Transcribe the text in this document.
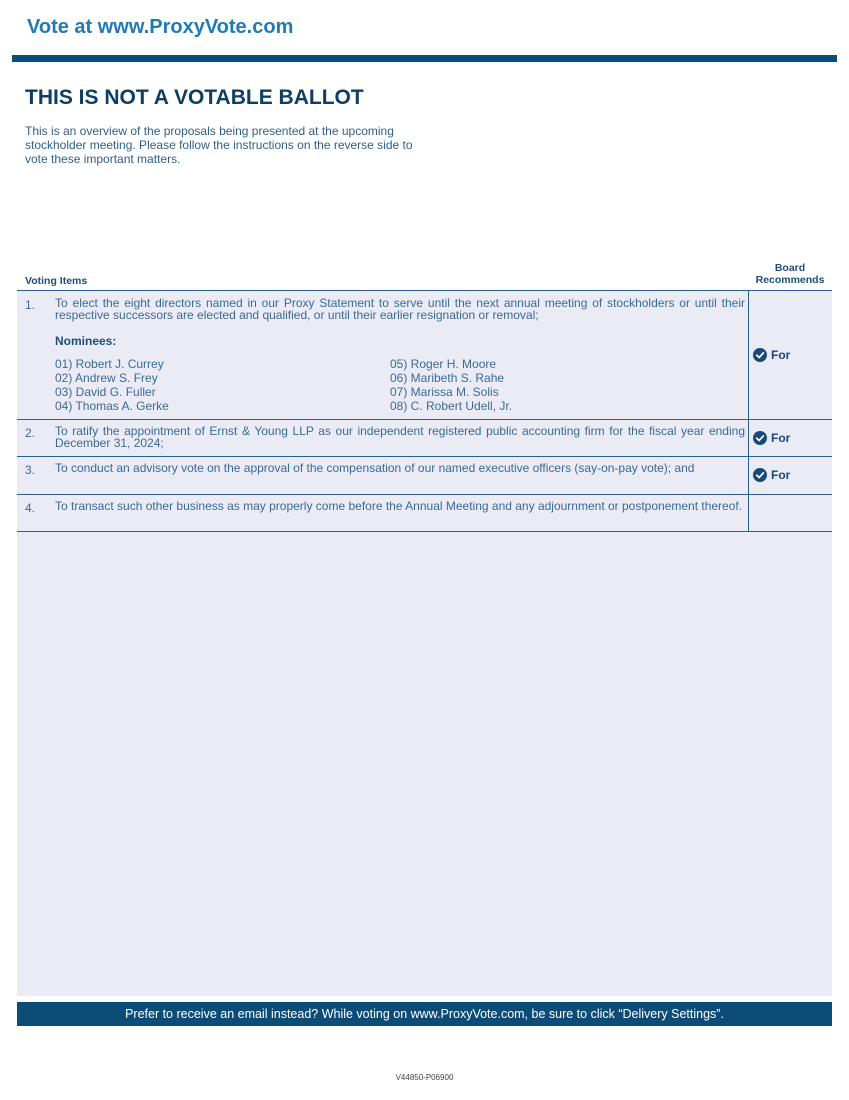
Vote at www.ProxyVote.com
THIS IS NOT A VOTABLE BALLOT
This is an overview of the proposals being presented at the upcoming stockholder meeting. Please follow the instructions on the reverse side to vote these important matters.
Voting Items
Board Recommends
1. To elect the eight directors named in our Proxy Statement to serve until the next annual meeting of stockholders or until their respective successors are elected and qualified, or until their earlier resignation or removal;
Nominees:
01) Robert J. Currey
02) Andrew S. Frey
03) David G. Fuller
04) Thomas A. Gerke
05) Roger H. Moore
06) Maribeth S. Rahe
07) Marissa M. Solis
08) C. Robert Udell, Jr.
For
2. To ratify the appointment of Ernst & Young LLP as our independent registered public accounting firm for the fiscal year ending December 31, 2024;	For
3. To conduct an advisory vote on the approval of the compensation of our named executive officers (say-on-pay vote); and	For
4. To transact such other business as may properly come before the Annual Meeting and any adjournment or postponement thereof.
Prefer to receive an email instead? While voting on www.ProxyVote.com, be sure to click “Delivery Settings”.
V44850-P06900
